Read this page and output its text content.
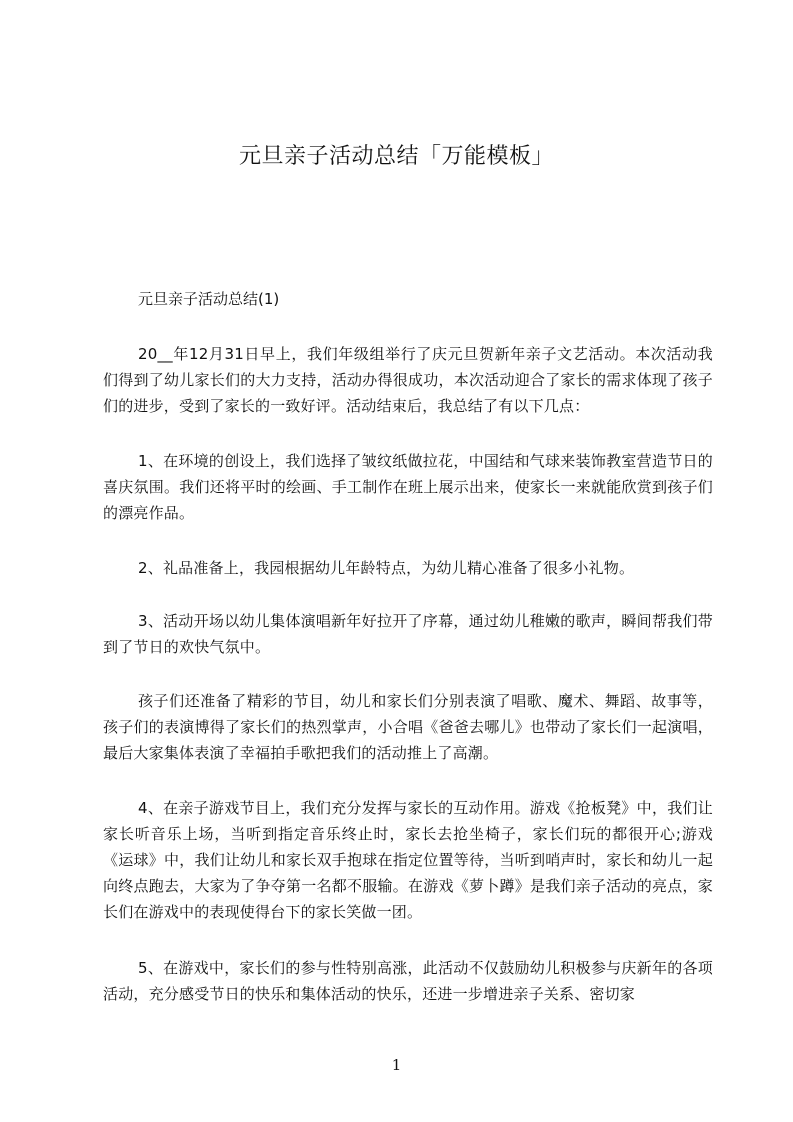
元旦亲子活动总结「万能模板」
元旦亲子活动总结(1)

20__年12月31日早上，我们年级组举行了庆元旦贺新年亲子文艺活动。本次活动我们得到了幼儿家长们的大力支持，活动办得很成功，本次活动迎合了家长的需求体现了孩子们的进步，受到了家长的一致好评。活动结束后，我总结了有以下几点：

1、在环境的创设上，我们选择了皱纹纸做拉花，中国结和气球来装饰教室营造节日的喜庆氛围。我们还将平时的绘画、手工制作在班上展示出来，使家长一来就能欣赏到孩子们的漂亮作品。

2、礼品准备上，我园根据幼儿年龄特点，为幼儿精心准备了很多小礼物。

3、活动开场以幼儿集体演唱新年好拉开了序幕，通过幼儿稚嫩的歌声，瞬间帮我们带到了节日的欢快气氛中。

孩子们还准备了精彩的节目，幼儿和家长们分别表演了唱歌、魔术、舞蹈、故事等，孩子们的表演博得了家长们的热烈掌声，小合唱《爸爸去哪儿》也带动了家长们一起演唱，最后大家集体表演了幸福拍手歌把我们的活动推上了高潮。

4、在亲子游戏节目上，我们充分发挥与家长的互动作用。游戏《抢板凳》中，我们让家长听音乐上场，当听到指定音乐终止时，家长去抢坐椅子，家长们玩的都很开心;游戏《运球》中，我们让幼儿和家长双手抱球在指定位置等待，当听到哨声时，家长和幼儿一起向终点跑去，大家为了争夺第一名都不服输。在游戏《萝卜蹲》是我们亲子活动的亮点，家长们在游戏中的表现使得台下的家长笑做一团。

5、在游戏中，家长们的参与性特别高涨，此活动不仅鼓励幼儿积极参与庆新年的各项活动，充分感受节日的快乐和集体活动的快乐，还进一步增进亲子关系、密切家

1
